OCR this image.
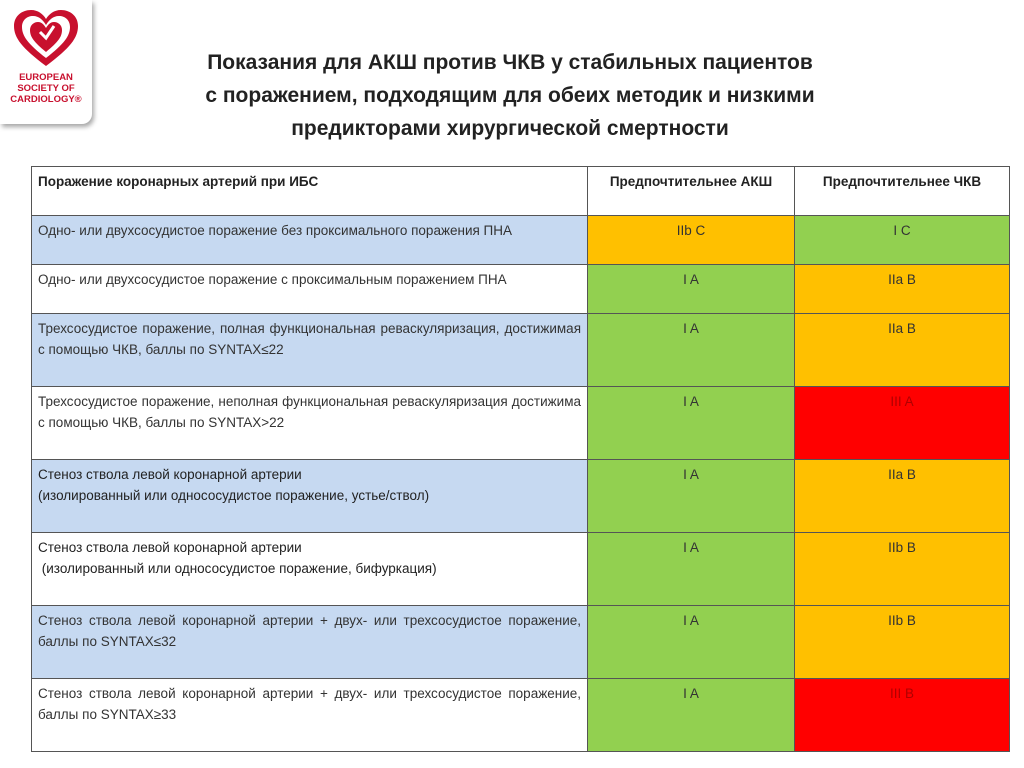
EUROPEAN
SOCIETY OF
CARDIOLOGY®
Показания для АКШ против ЧКВ у стабильных пациентов
с поражением, подходящим для обеих методик и низкими
предикторами хирургической смертности
Поражение коронарных артерий при ИБС	Предпочтительнее АКШ	Предпочтительнее ЧКВ
Одно- или двухсосудистое поражение без проксимального поражения ПНА	IIb C	I C
Одно- или двухсосудистое поражение с проксимальным поражением ПНА	I A	IIa B
Трехсосудистое поражение, полная функциональная реваскуляризация, достижимая с помощью ЧКВ, баллы по SYNTAX≤22	I A	IIa B
Трехсосудистое поражение, неполная функциональная реваскуляризация достижима с помощью ЧКВ, баллы по SYNTAX>22	I A	III A

Стеноз ствола левой коронарной артерии
(изолированный или однососудистое поражение, устье/ствол)	I A	IIa B

Стеноз ствола левой коронарной артерии
(изолированный или однососудистое поражение, бифуркация)	I A	IIb B
Стеноз ствола левой коронарной артерии + двух- или трехсосудистое поражение, баллы по SYNTAX≤32	I A	IIb B
Стеноз ствола левой коронарной артерии + двух- или трехсосудистое поражение, баллы по SYNTAX≥33	I A	III B
